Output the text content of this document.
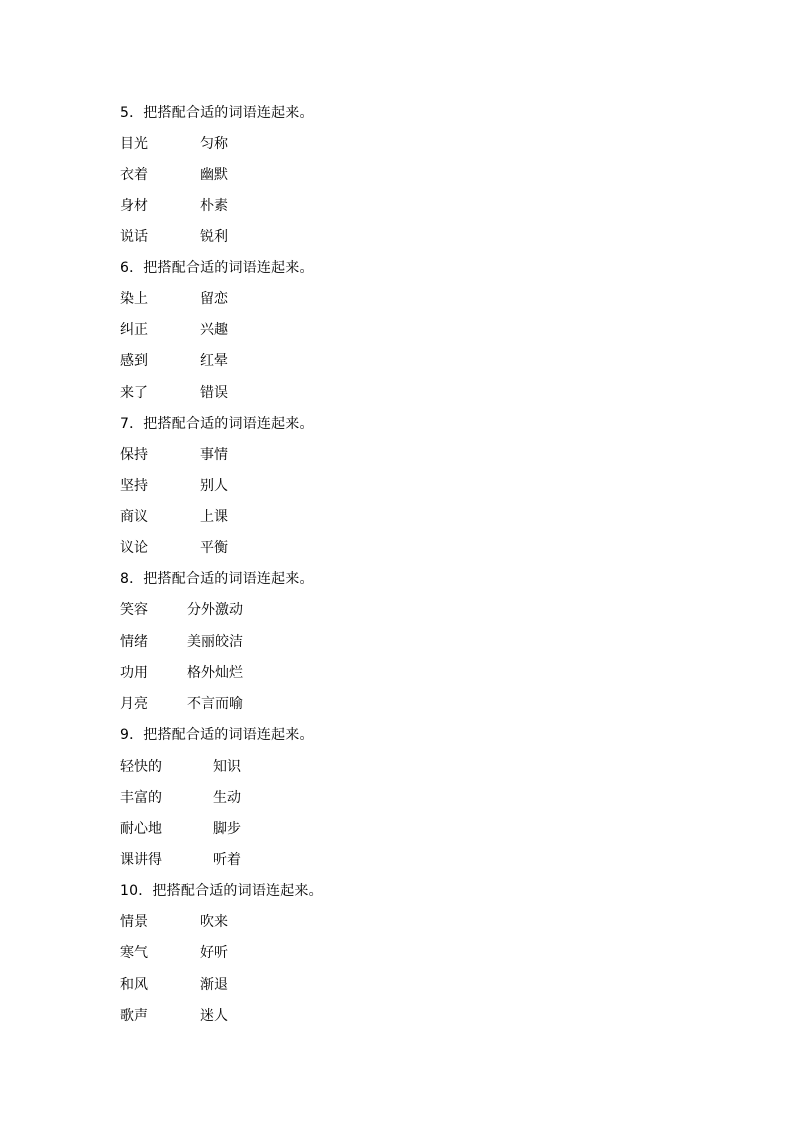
5．把搭配合适的词语连起来。
目光	匀称
衣着	幽默
身材	朴素
说话	锐利
6．把搭配合适的词语连起来。
染上	留恋
纠正	兴趣
感到	红晕
来了	错误
7．把搭配合适的词语连起来。
保持	事情
坚持	别人
商议	上课
议论	平衡
8．把搭配合适的词语连起来。
笑容	分外激动
情绪	美丽皎洁
功用	格外灿烂
月亮	不言而喻
9．把搭配合适的词语连起来。
轻快的	知识
丰富的	生动
耐心地	脚步
课讲得	听着
10．把搭配合适的词语连起来。
情景	吹来
寒气	好听
和风	渐退
歌声	迷人
